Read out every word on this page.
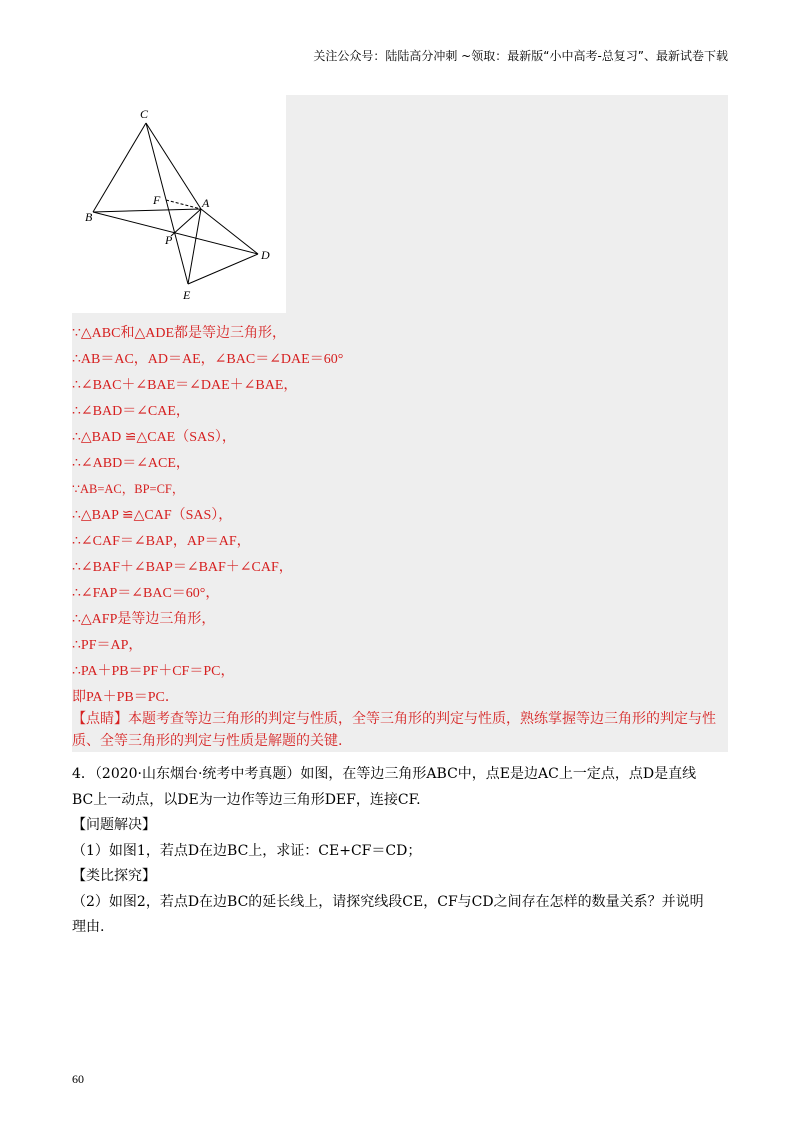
关注公众号：陆陆高分冲刺 ~领取：最新版“小中高考-总复习”、最新试卷下载
C
F	A
B
P
D
E
∵△ABC和△ADE都是等边三角形，
∴AB＝AC，AD＝AE，∠BAC＝∠DAE＝60°
∴∠BAC＋∠BAE＝∠DAE＋∠BAE，
∴∠BAD＝∠CAE，
∴△BAD ≌△CAE（SAS），
∴∠ABD＝∠ACE，
∵AB=AC，BP=CF，
∴△BAP ≌△CAF（SAS），
∴∠CAF＝∠BAP，AP＝AF，
∴∠BAF＋∠BAP＝∠BAF＋∠CAF，
∴∠FAP＝∠BAC＝60°，
∴△AFP是等边三角形，
∴PF＝AP，
∴PA＋PB＝PF＋CF＝PC，
即PA＋PB＝PC．
【点睛】本题考查等边三角形的判定与性质，全等三角形的判定与性质，熟练掌握等边三角形的判定与性
质、全等三角形的判定与性质是解题的关键.
4．（2020·山东烟台·统考中考真题）如图，在等边三角形ABC中，点E是边AC上一定点，点D是直线
BC上一动点，以DE为一边作等边三角形DEF，连接CF.
【问题解决】
（1）如图1，若点D在边BC上，求证：CE+CF＝CD；
【类比探究】
（2）如图2，若点D在边BC的延长线上，请探究线段CE，CF与CD之间存在怎样的数量关系？并说明
理由.
60
